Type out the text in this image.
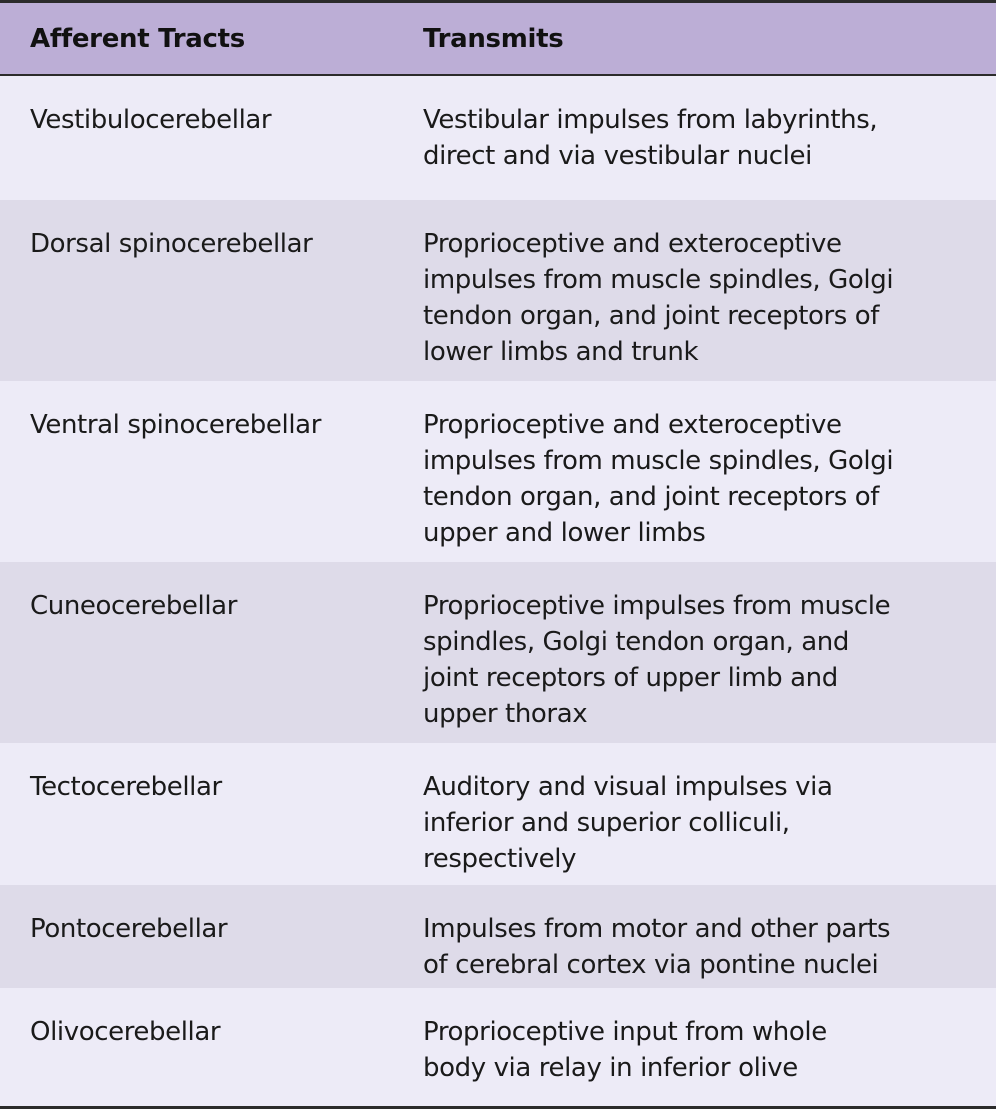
Afferent Tracts	Transmits
Vestibulocerebellar	Vestibular impulses from labyrinths,
direct and via vestibular nuclei
Dorsal spinocerebellar	Proprioceptive and exteroceptive
impulses from muscle spindles, Golgi
tendon organ, and joint receptors of
lower limbs and trunk
Ventral spinocerebellar	Proprioceptive and exteroceptive
impulses from muscle spindles, Golgi
tendon organ, and joint receptors of
upper and lower limbs
Cuneocerebellar	Proprioceptive impulses from muscle
spindles, Golgi tendon organ, and
joint receptors of upper limb and
upper thorax
Tectocerebellar	Auditory and visual impulses via
inferior and superior colliculi,
respectively
Pontocerebellar	Impulses from motor and other parts
of cerebral cortex via pontine nuclei
Olivocerebellar	Proprioceptive input from whole
body via relay in inferior olive
